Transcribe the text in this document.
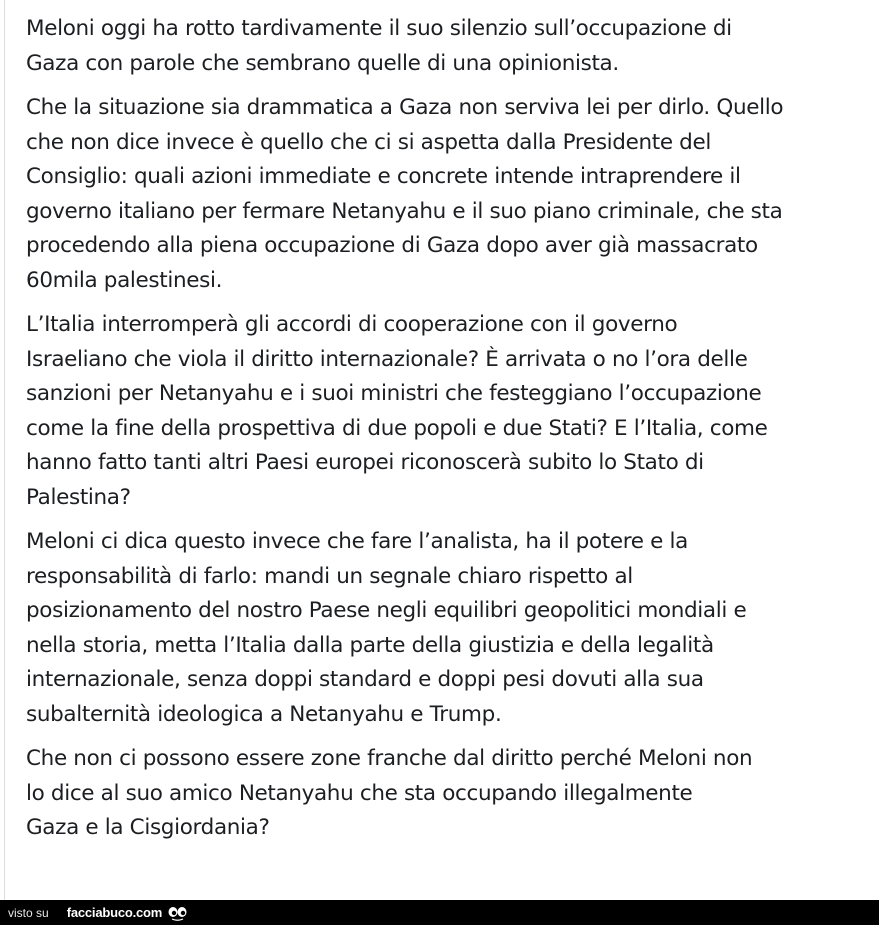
Meloni oggi ha rotto tardivamente il suo silenzio sull’occupazione di
Gaza con parole che sembrano quelle di una opinionista.

Che la situazione sia drammatica a Gaza non serviva lei per dirlo. Quello
che non dice invece è quello che ci si aspetta dalla Presidente del
Consiglio: quali azioni immediate e concrete intende intraprendere il
governo italiano per fermare Netanyahu e il suo piano criminale, che sta
procedendo alla piena occupazione di Gaza dopo aver già massacrato
60mila palestinesi.

L’Italia interromperà gli accordi di cooperazione con il governo
Israeliano che viola il diritto internazionale? È arrivata o no l’ora delle
sanzioni per Netanyahu e i suoi ministri che festeggiano l’occupazione
come la fine della prospettiva di due popoli e due Stati? E l’Italia, come
hanno fatto tanti altri Paesi europei riconoscerà subito lo Stato di
Palestina?

Meloni ci dica questo invece che fare l’analista, ha il potere e la
responsabilità di farlo: mandi un segnale chiaro rispetto al
posizionamento del nostro Paese negli equilibri geopolitici mondiali e
nella storia, metta l’Italia dalla parte della giustizia e della legalità
internazionale, senza doppi standard e doppi pesi dovuti alla sua
subalternità ideologica a Netanyahu e Trump.

Che non ci possono essere zone franche dal diritto perché Meloni non
lo dice al suo amico Netanyahu che sta occupando illegalmente
Gaza e la Cisgiordania?

visto su facciabuco.com
